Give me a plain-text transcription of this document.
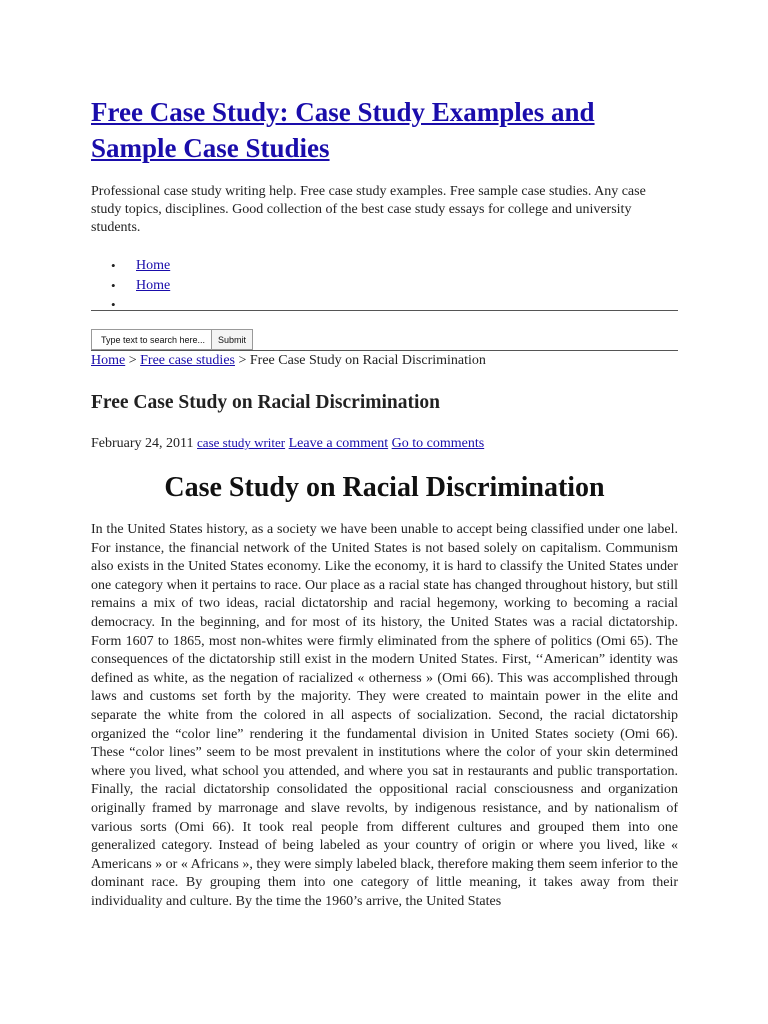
Free Case Study: Case Study Examples and Sample Case Studies

Professional case study writing help. Free case study examples. Free sample case studies. Any case study topics, disciplines. Good collection of the best case study essays for college and university students.

• Home
• Home
•
Type text to search here...
Submit
Home > Free case studies > Free Case Study on Racial Discrimination
Free Case Study on Racial Discrimination
February 24, 2011 case study writer Leave a comment Go to comments
Case Study on Racial Discrimination

In the United States history, as a society we have been unable to accept being classified under one label. For instance, the financial network of the United States is not based solely on capitalism. Communism also exists in the United States economy. Like the economy, it is hard to classify the United States under one category when it pertains to race. Our place as a racial state has changed throughout history, but still remains a mix of two ideas, racial dictatorship and racial hegemony, working to becoming a racial democracy. In the beginning, and for most of its history, the United States was a racial dictatorship. Form 1607 to 1865, most non-whites were firmly eliminated from the sphere of politics (Omi 65). The consequences of the dictatorship still exist in the modern United States. First, ‘‘American” identity was defined as white, as the negation of racialized « otherness » (Omi 66). This was accomplished through laws and customs set forth by the majority. They were created to maintain power in the elite and separate the white from the colored in all aspects of socialization. Second, the racial dictatorship organized the “color line” rendering it the fundamental division in United States society (Omi 66). These “color lines” seem to be most prevalent in institutions where the color of your skin determined where you lived, what school you attended, and where you sat in restaurants and public transportation. Finally, the racial dictatorship consolidated the oppositional racial consciousness and organization originally framed by marronage and slave revolts, by indigenous resistance, and by nationalism of various sorts (Omi 66). It took real people from different cultures and grouped them into one generalized category. Instead of being labeled as your country of origin or where you lived, like « Americans » or « Africans », they were simply labeled black, therefore making them seem inferior to the dominant race. By grouping them into one category of little meaning, it takes away from their individuality and culture. By the time the 1960’s arrive, the United States
